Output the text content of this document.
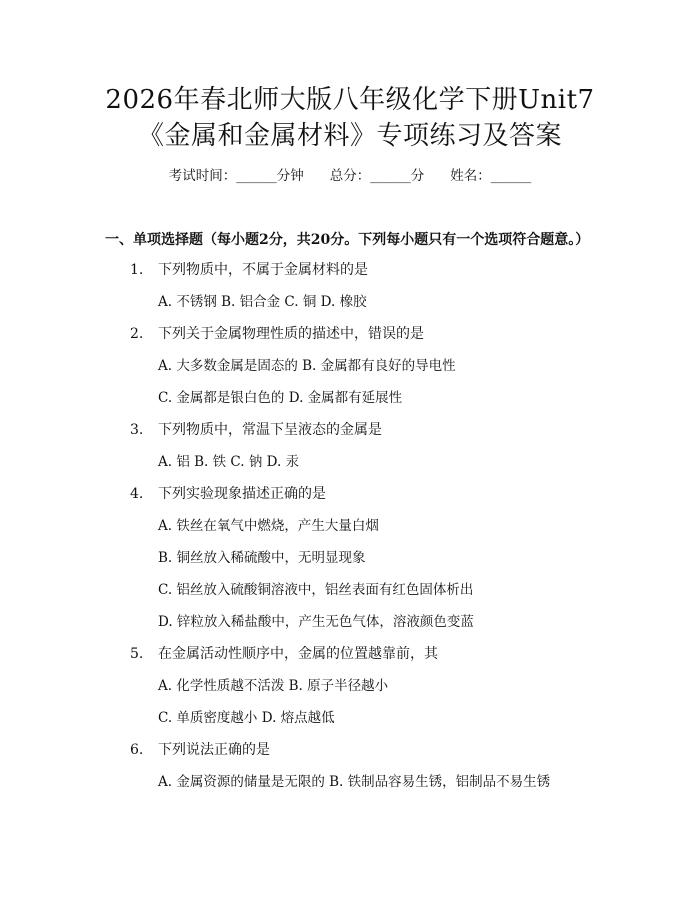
2026年春北师大版八年级化学下册Unit7
《金属和金属材料》专项练习及答案
考试时间：______分钟 总分：______分 姓名：______
一、单项选择题（每小题2分，共20分。下列每小题只有一个选项符合题意。）
1. 下列物质中，不属于金属材料的是
A. 不锈钢 B. 铝合金 C. 铜 D. 橡胶
2. 下列关于金属物理性质的描述中，错误的是
A. 大多数金属是固态的 B. 金属都有良好的导电性
C. 金属都是银白色的 D. 金属都有延展性
3. 下列物质中，常温下呈液态的金属是
A. 铝 B. 铁 C. 钠 D. 汞
4. 下列实验现象描述正确的是
A. 铁丝在氧气中燃烧，产生大量白烟
B. 铜丝放入稀硫酸中，无明显现象
C. 铝丝放入硫酸铜溶液中，铝丝表面有红色固体析出
D. 锌粒放入稀盐酸中，产生无色气体，溶液颜色变蓝
5. 在金属活动性顺序中，金属的位置越靠前，其
A. 化学性质越不活泼 B. 原子半径越小
C. 单质密度越小 D. 熔点越低
6. 下列说法正确的是
A. 金属资源的储量是无限的 B. 铁制品容易生锈，铝制品不易生锈
